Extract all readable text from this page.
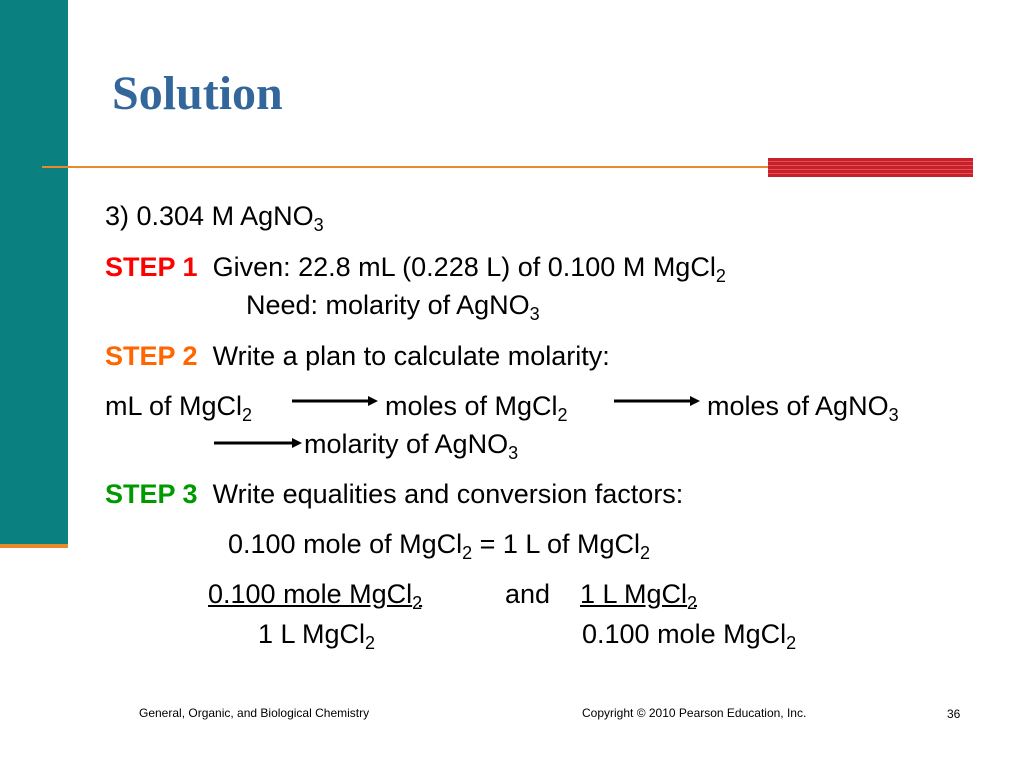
Solution
3) 0.304 M AgNO$_3$
STEP 1 Given: 22.8 mL (0.228 L) of 0.100 M MgCl$_2$
Need: molarity of AgNO$_3$
STEP 2 Write a plan to calculate molarity:
mL of MgCl$_2$	moles of MgCl$_2$	moles of AgNO$_3$
molarity of AgNO$_3$
STEP 3 Write equalities and conversion factors:
0.100 mole of MgCl$_2$ = 1 L of MgCl$_2$
0.100 mole MgCl$_2$	and 1 L MgCl$_2$
1 L MgCl$_2$	0.100 mole MgCl$_2$
General, Organic, and Biological Chemistry	Copyright © 2010 Pearson Education, Inc.	36
